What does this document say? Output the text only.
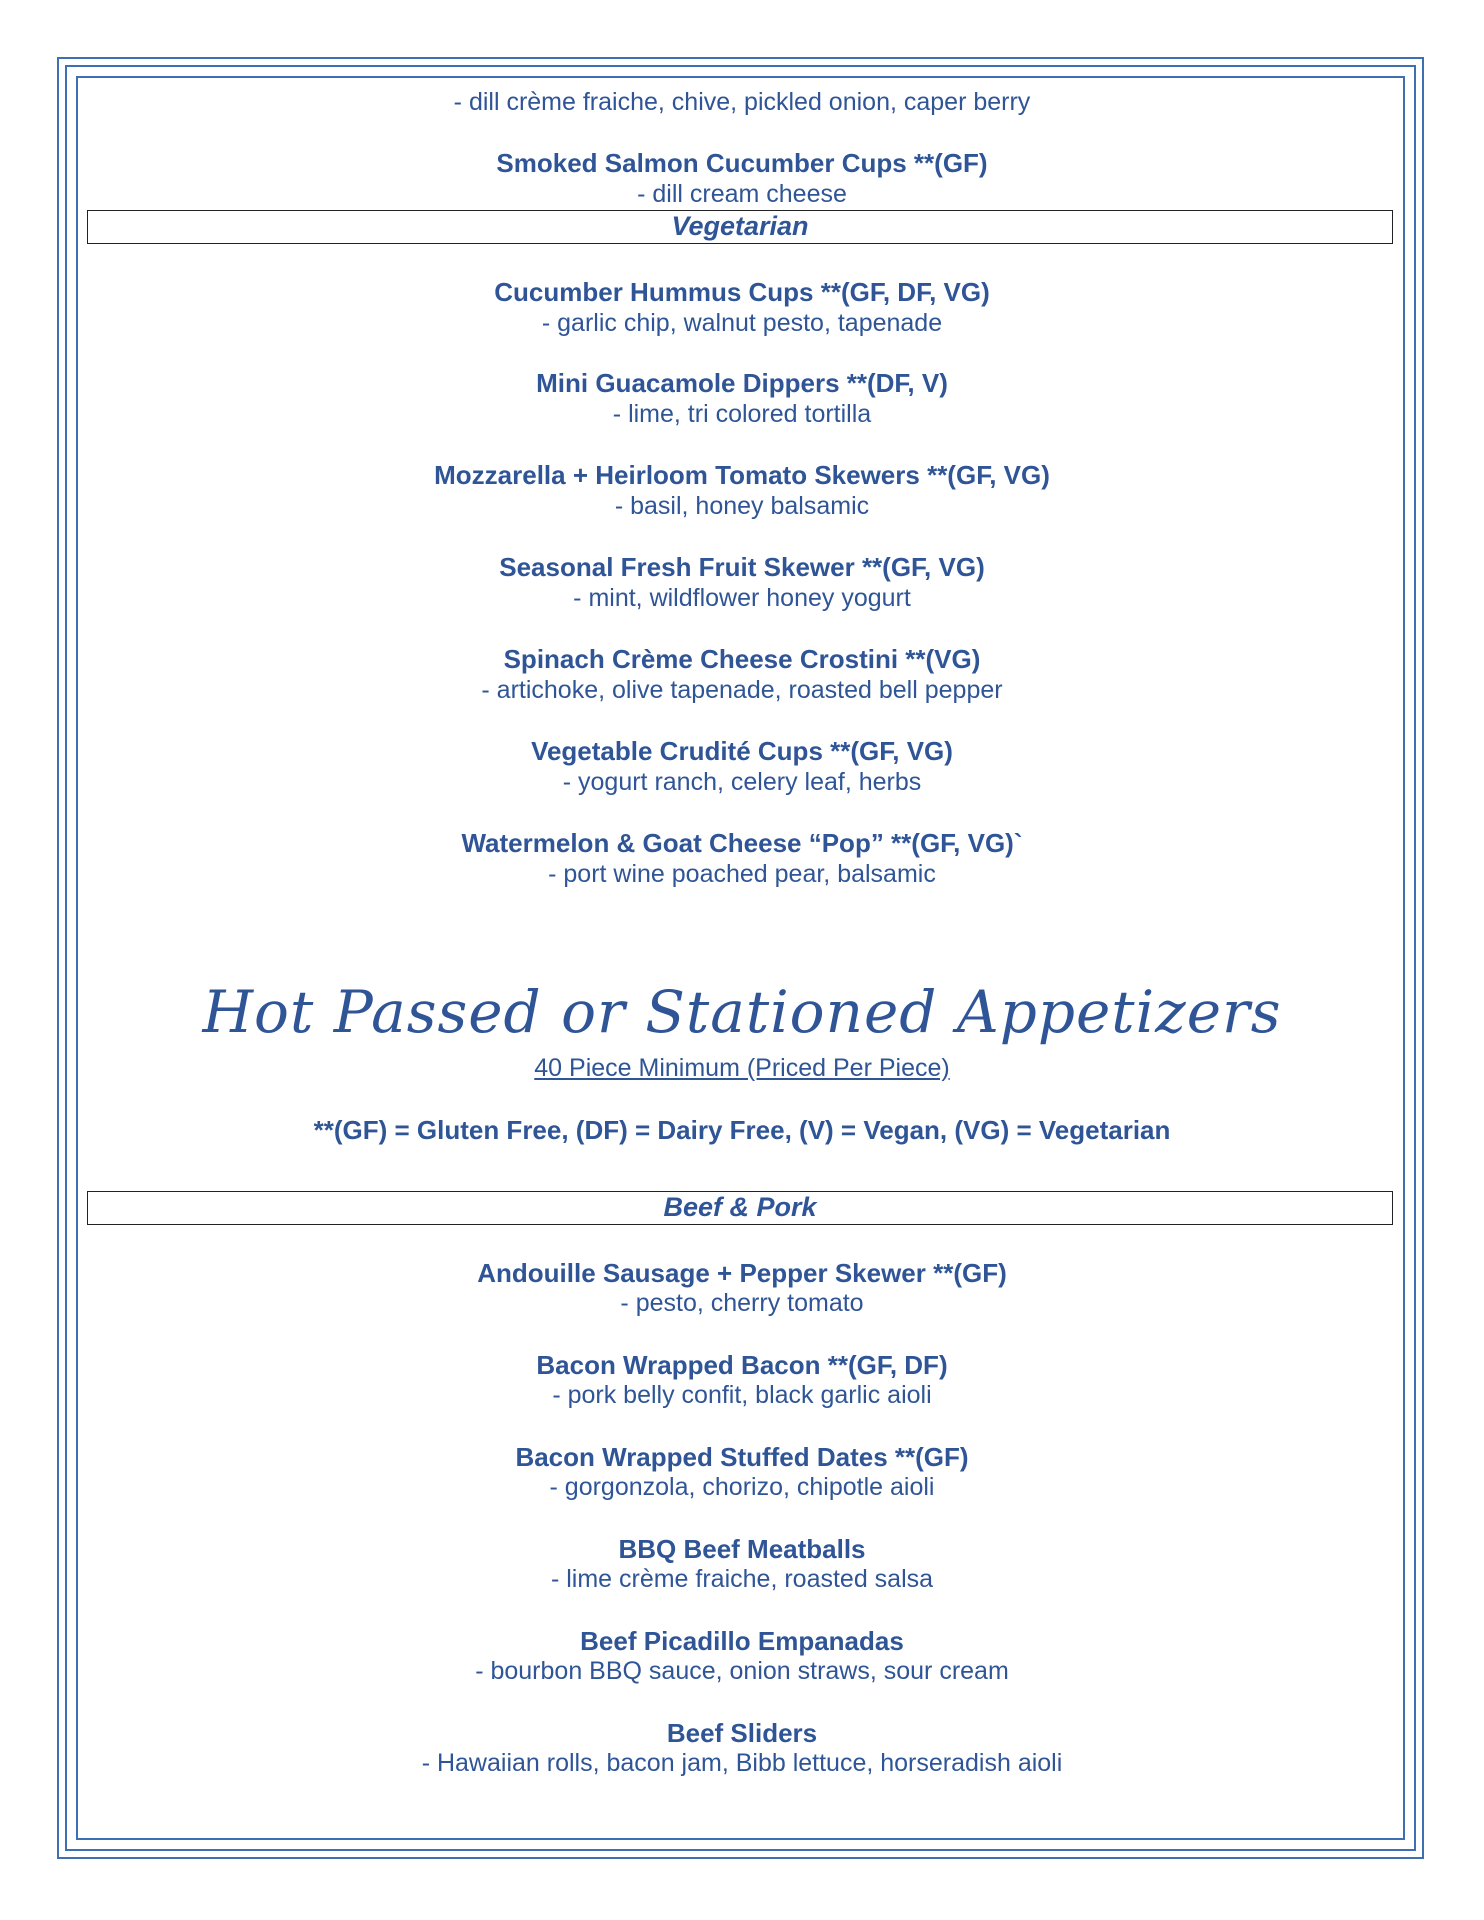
- dill crème fraiche, chive, pickled onion, caper berry
Smoked Salmon Cucumber Cups **(GF)
- dill cream cheese
Vegetarian
Cucumber Hummus Cups **(GF, DF, VG)
- garlic chip, walnut pesto, tapenade
Mini Guacamole Dippers **(DF, V)
- lime, tri colored tortilla
Mozzarella + Heirloom Tomato Skewers **(GF, VG)
- basil, honey balsamic
Seasonal Fresh Fruit Skewer **(GF, VG)
- mint, wildflower honey yogurt
Spinach Crème Cheese Crostini **(VG)
- artichoke, olive tapenade, roasted bell pepper
Vegetable Crudité Cups **(GF, VG)
- yogurt ranch, celery leaf, herbs
Watermelon & Goat Cheese “Pop” **(GF, VG)`
- port wine poached pear, balsamic
Hot Passed or Stationed Appetizers
40 Piece Minimum (Priced Per Piece)
**(GF) = Gluten Free, (DF) = Dairy Free, (V) = Vegan, (VG) = Vegetarian
Beef & Pork
Andouille Sausage + Pepper Skewer **(GF)
- pesto, cherry tomato
Bacon Wrapped Bacon **(GF, DF)
- pork belly confit, black garlic aioli
Bacon Wrapped Stuffed Dates **(GF)
- gorgonzola, chorizo, chipotle aioli
BBQ Beef Meatballs
- lime crème fraiche, roasted salsa
Beef Picadillo Empanadas
- bourbon BBQ sauce, onion straws, sour cream
Beef Sliders
- Hawaiian rolls, bacon jam, Bibb lettuce, horseradish aioli
